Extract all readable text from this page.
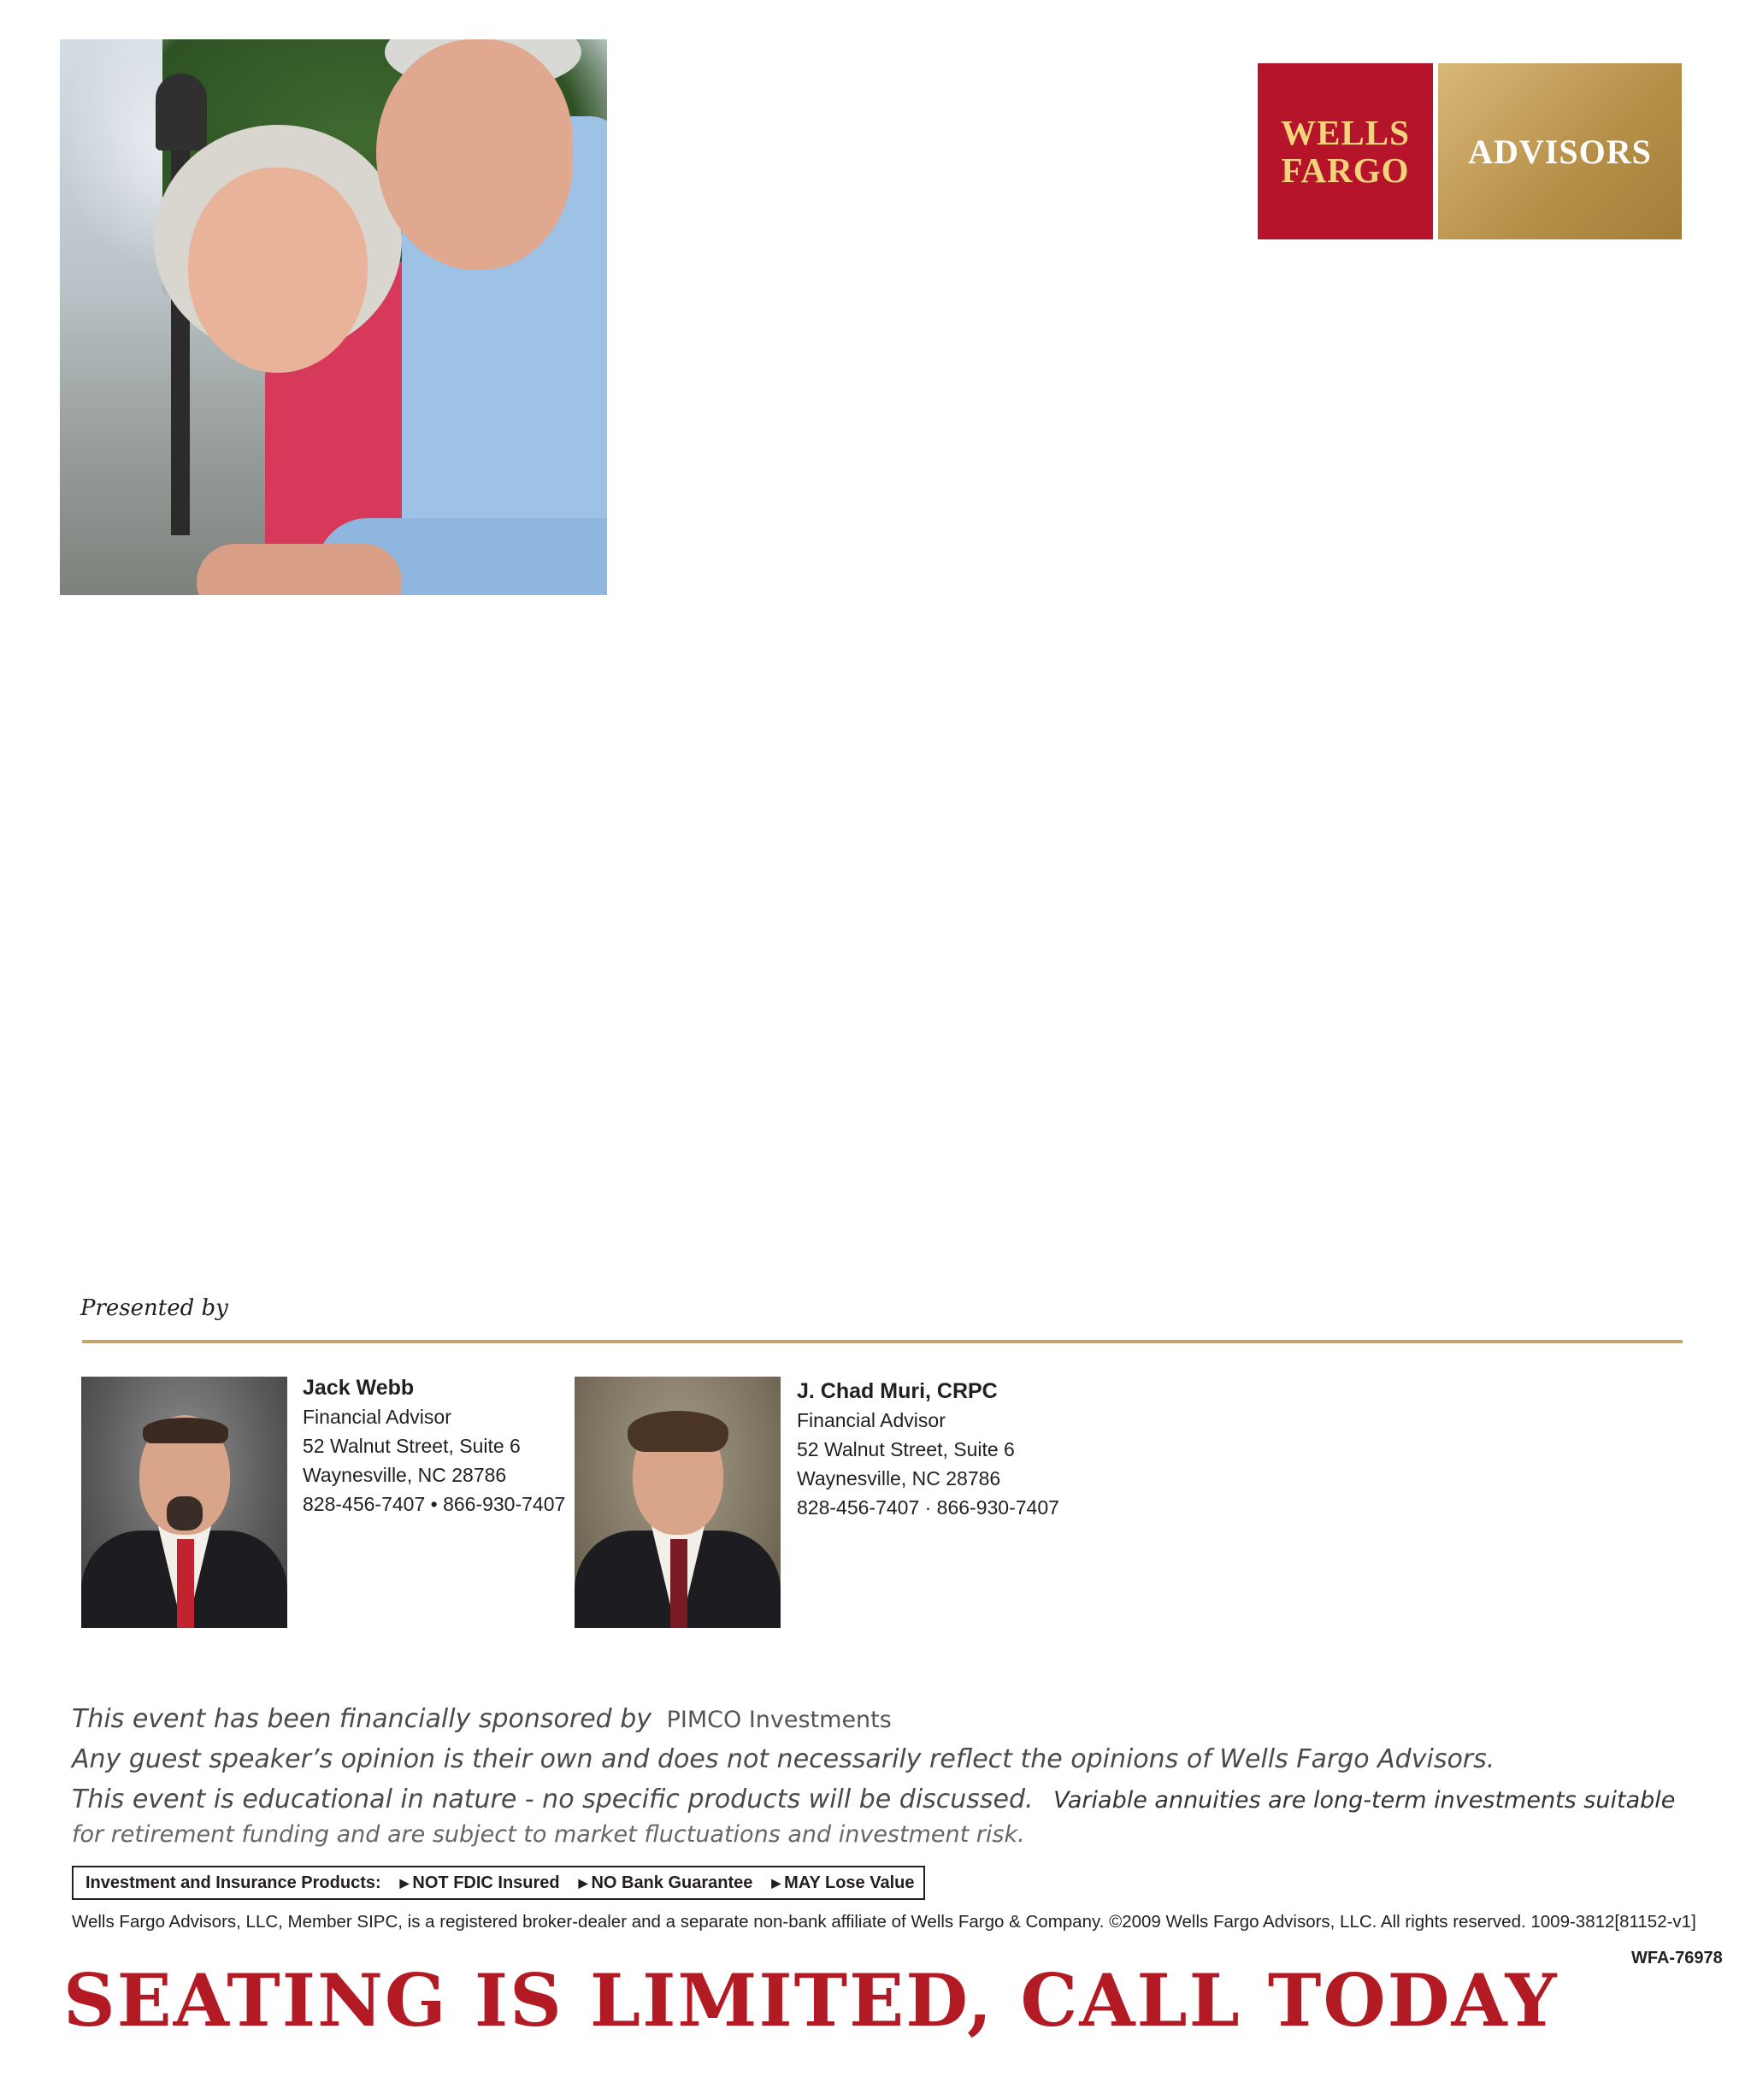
WELLS
FARGO ADVISORS
Presented by
Jack Webb
Financial Advisor
52 Walnut Street, Suite 6
Waynesville, NC 28786
828-456-7407 • 866-930-7407
J. Chad Muri, CRPC
Financial Advisor
52 Walnut Street, Suite 6
Waynesville, NC 28786
828-456-7407 · 866-930-7407
This event has been financially sponsored by PIMCO Investments
Any guest speaker’s opinion is their own and does not necessarily reflect the opinions of Wells Fargo Advisors.
This event is educational in nature - no specific products will be discussed. Variable annuities are long-term investments suitable
for retirement funding and are subject to market fluctuations and investment risk.
Investment and Insurance Products: ▶ NOT FDIC Insured ▶ NO Bank Guarantee ▶ MAY Lose Value
Wells Fargo Advisors, LLC, Member SIPC, is a registered broker-dealer and a separate non-bank affiliate of Wells Fargo & Company. ©2009 Wells Fargo Advisors, LLC. All rights reserved. 1009-3812[81152-v1]
WFA-76978
SEATING IS LIMITED, CALL TODAY
